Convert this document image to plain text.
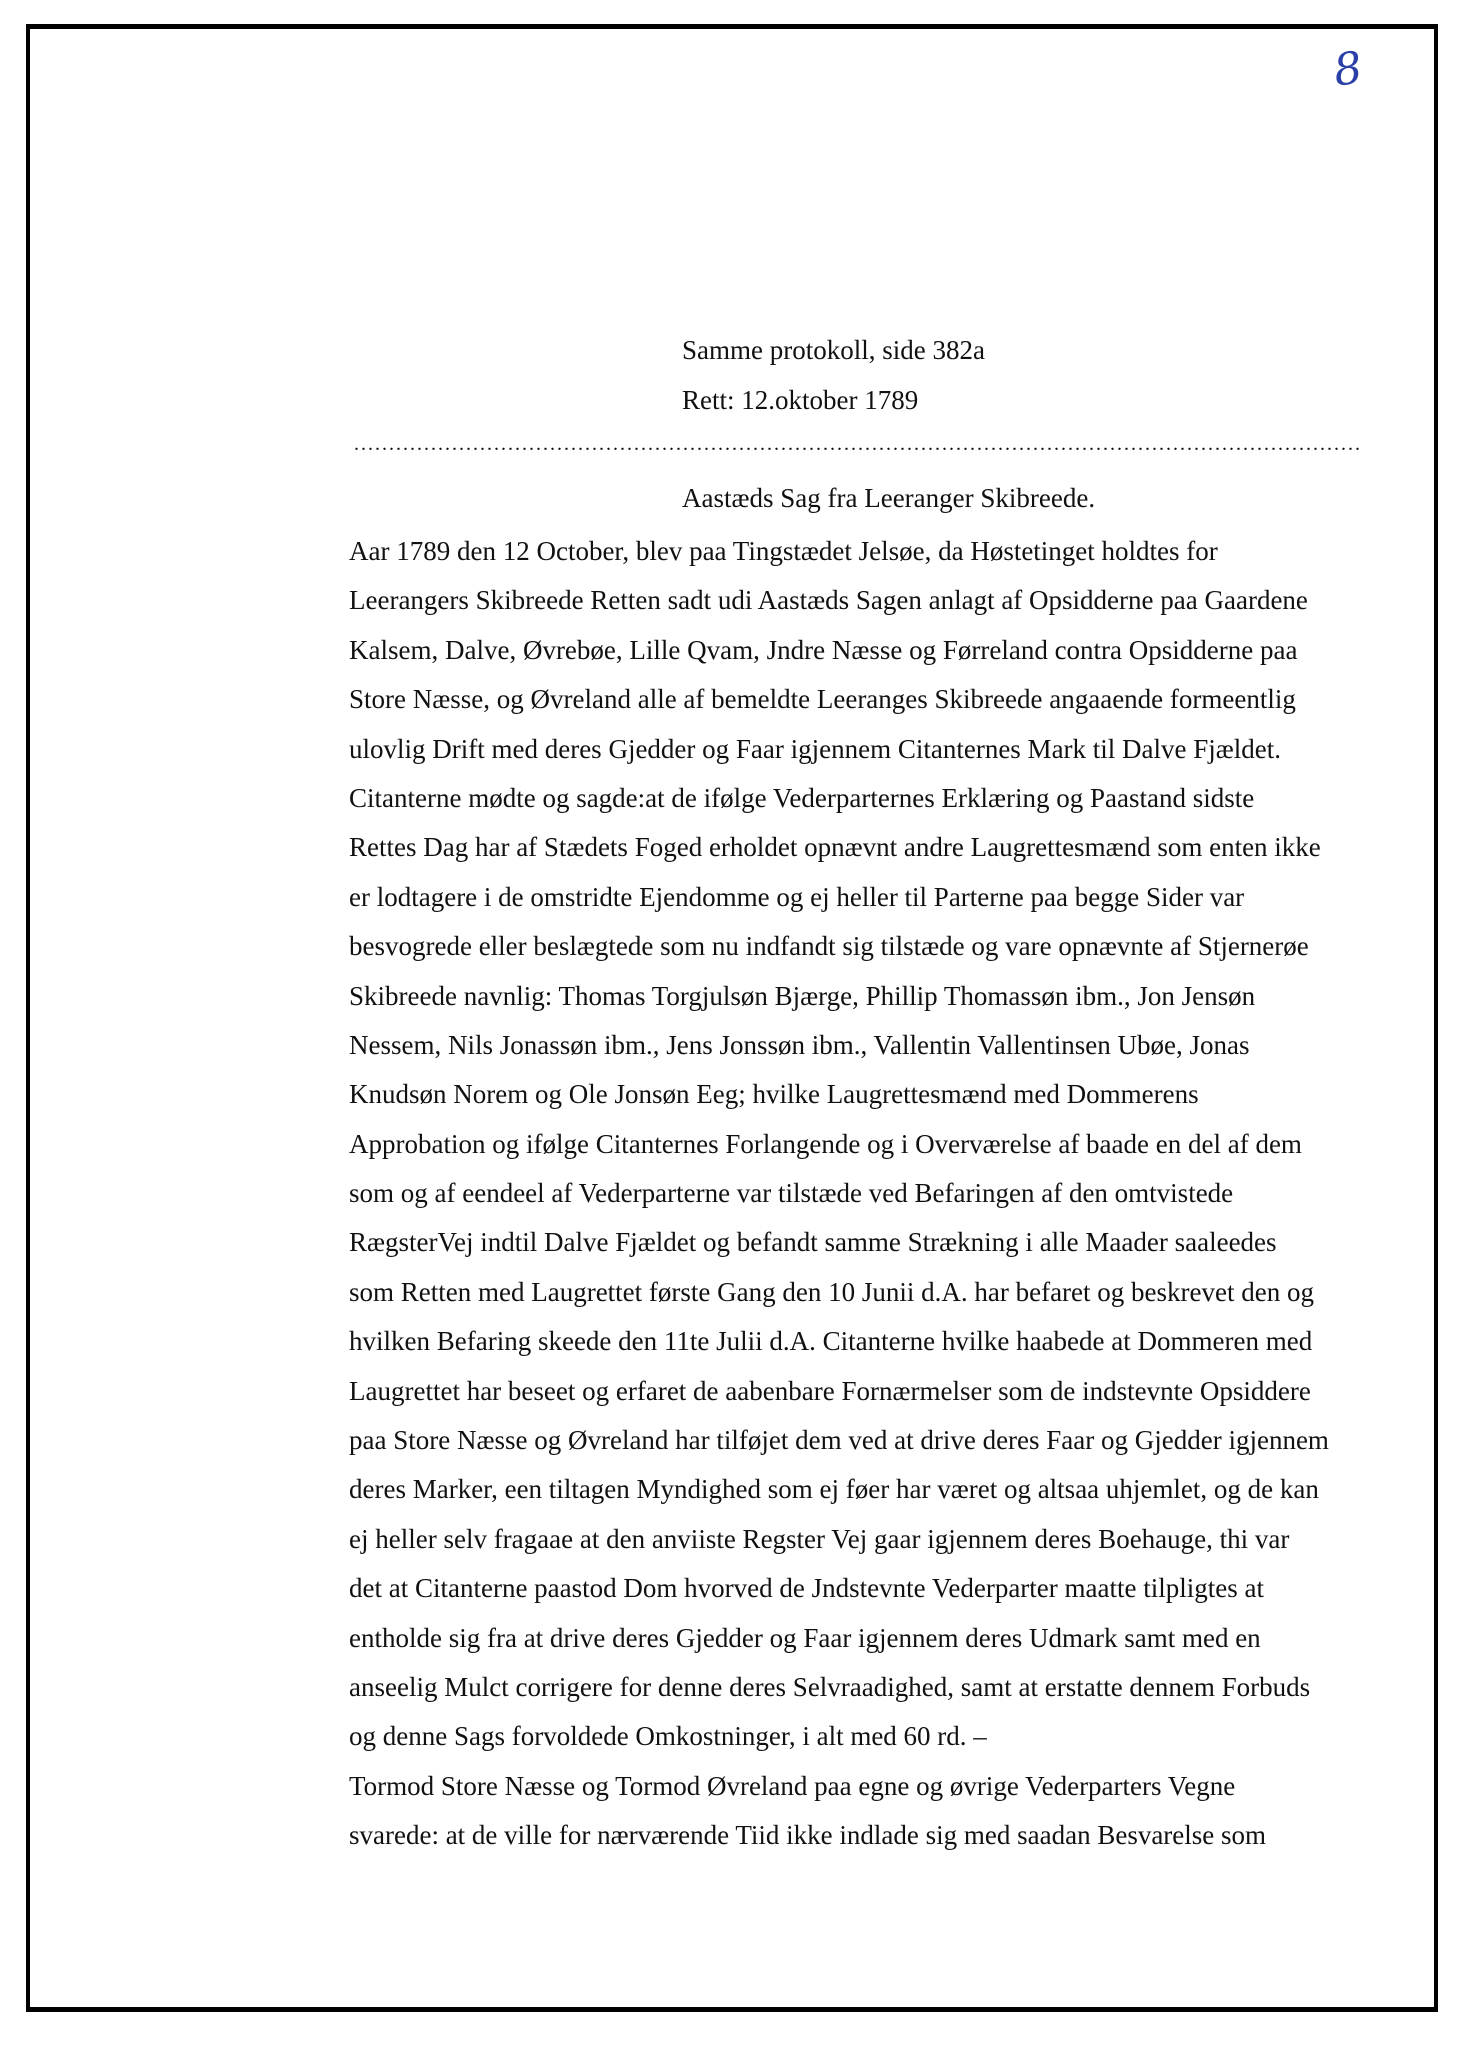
8
Samme protokoll, side 382a
Rett: 12.oktober 1789
................................................................................................................................................
Aastæds Sag fra Leeranger Skibreede.
Aar 1789 den 12 October, blev paa Tingstædet Jelsøe, da Høstetinget holdtes for
Leerangers Skibreede Retten sadt udi Aastæds Sagen anlagt af Opsidderne paa Gaardene
Kalsem, Dalve, Øvrebøe, Lille Qvam, Jndre Næsse og Førreland contra Opsidderne paa
Store Næsse, og Øvreland alle af bemeldte Leeranges Skibreede angaaende formeentlig
ulovlig Drift med deres Gjedder og Faar igjennem Citanternes Mark til Dalve Fjældet.
Citanterne mødte og sagde:at de ifølge Vederparternes Erklæring og Paastand sidste
Rettes Dag har af Stædets Foged erholdet opnævnt andre Laugrettesmænd som enten ikke
er lodtagere i de omstridte Ejendomme og ej heller til Parterne paa begge Sider var
besvogrede eller beslægtede som nu indfandt sig tilstæde og vare opnævnte af Stjernerøe
Skibreede navnlig: Thomas Torgjulsøn Bjærge, Phillip Thomassøn ibm., Jon Jensøn
Nessem, Nils Jonassøn ibm., Jens Jonssøn ibm., Vallentin Vallentinsen Ubøe, Jonas
Knudsøn Norem og Ole Jonsøn Eeg; hvilke Laugrettesmænd med Dommerens
Approbation og ifølge Citanternes Forlangende og i Overværelse af baade en del af dem
som og af eendeel af Vederparterne var tilstæde ved Befaringen af den omtvistede
RægsterVej indtil Dalve Fjældet og befandt samme Strækning i alle Maader saaleedes
som Retten med Laugrettet første Gang den 10 Junii d.A. har befaret og beskrevet den og
hvilken Befaring skeede den 11te Julii d.A. Citanterne hvilke haabede at Dommeren med
Laugrettet har beseet og erfaret de aabenbare Fornærmelser som de indstevnte Opsiddere
paa Store Næsse og Øvreland har tilføjet dem ved at drive deres Faar og Gjedder igjennem
deres Marker, een tiltagen Myndighed som ej føer har været og altsaa uhjemlet, og de kan
ej heller selv fragaae at den anviiste Regster Vej gaar igjennem deres Boehauge, thi var
det at Citanterne paastod Dom hvorved de Jndstevnte Vederparter maatte tilpligtes at
entholde sig fra at drive deres Gjedder og Faar igjennem deres Udmark samt med en
anseelig Mulct corrigere for denne deres Selvraadighed, samt at erstatte dennem Forbuds
og denne Sags forvoldede Omkostninger, i alt med 60 rd. –
Tormod Store Næsse og Tormod Øvreland paa egne og øvrige Vederparters Vegne
svarede: at de ville for nærværende Tiid ikke indlade sig med saadan Besvarelse som
